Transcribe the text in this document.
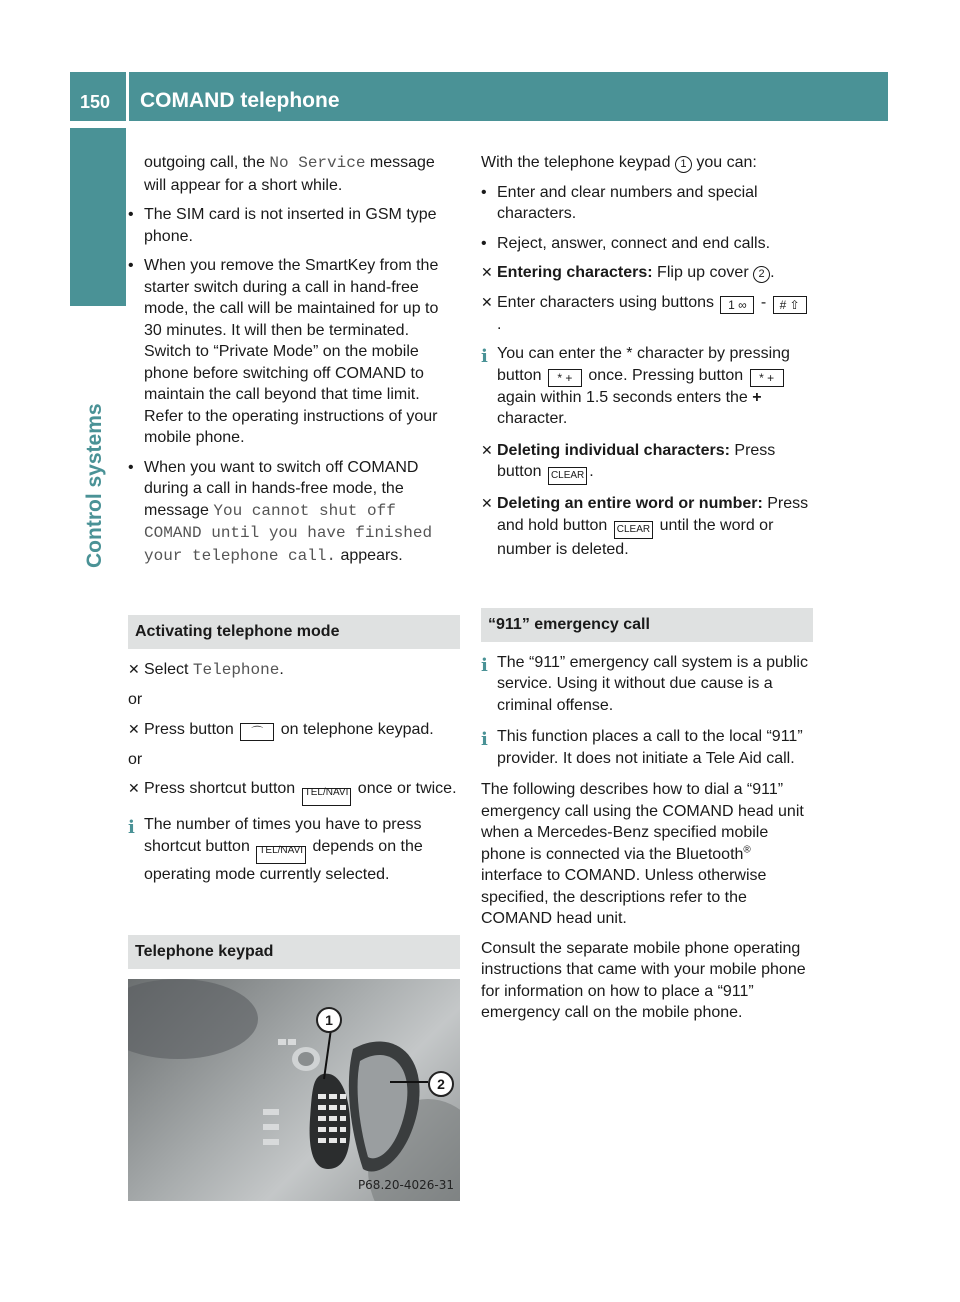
150 COMAND telephone
Control systems

outgoing call, the No Service message will appear for a short while.

• The SIM card is not inserted in GSM type phone.
• When you remove the SmartKey from the starter switch during a call in hand-free mode, the call will be maintained for up to 30 minutes. It will then be terminated. Switch to “Private Mode” on the mobile phone before switching off COMAND to maintain the call beyond that time limit. Refer to the operating instructions of your mobile phone.
• When you want to switch off COMAND during a call in hands-free mode, the message You cannot shut off COMAND until you have finished your telephone call. appears.
Activating telephone mode
✕ Select Telephone.

or

✕ Press button ⌒ on telephone keypad.

or

✕ Press shortcut button TEL/NAVI once or twice.
i The number of times you have to press shortcut button TEL/NAVI depends on the operating mode currently selected.
Telephone keypad
1
2
P68.20-4026-31

With the telephone keypad 1 you can:

• Enter and clear numbers and special characters.
• Reject, answer, connect and end calls.
✕ Entering characters: Flip up cover 2 .
✕ Enter characters using buttons 1 ∞ - # ⇧.
i You can enter the * character by pressing button * + once. Pressing button * + again within 1.5 seconds enters the + character.
✕ Deleting individual characters: Press button CLEAR .
✕ Deleting an entire word or number: Press and hold button CLEAR until the word or number is deleted.
“911” emergency call
i The “911” emergency call system is a public service. Using it without due cause is a criminal offense.
i This function places a call to the local “911” provider. It does not initiate a Tele Aid call.

The following describes how to dial a “911” emergency call using the COMAND head unit when a Mercedes-Benz specified mobile phone is connected via the Bluetooth® interface to COMAND. Unless otherwise specified, the descriptions refer to the COMAND head unit.

Consult the separate mobile phone operating instructions that came with your mobile phone for information on how to place a “911” emergency call on the mobile phone.
